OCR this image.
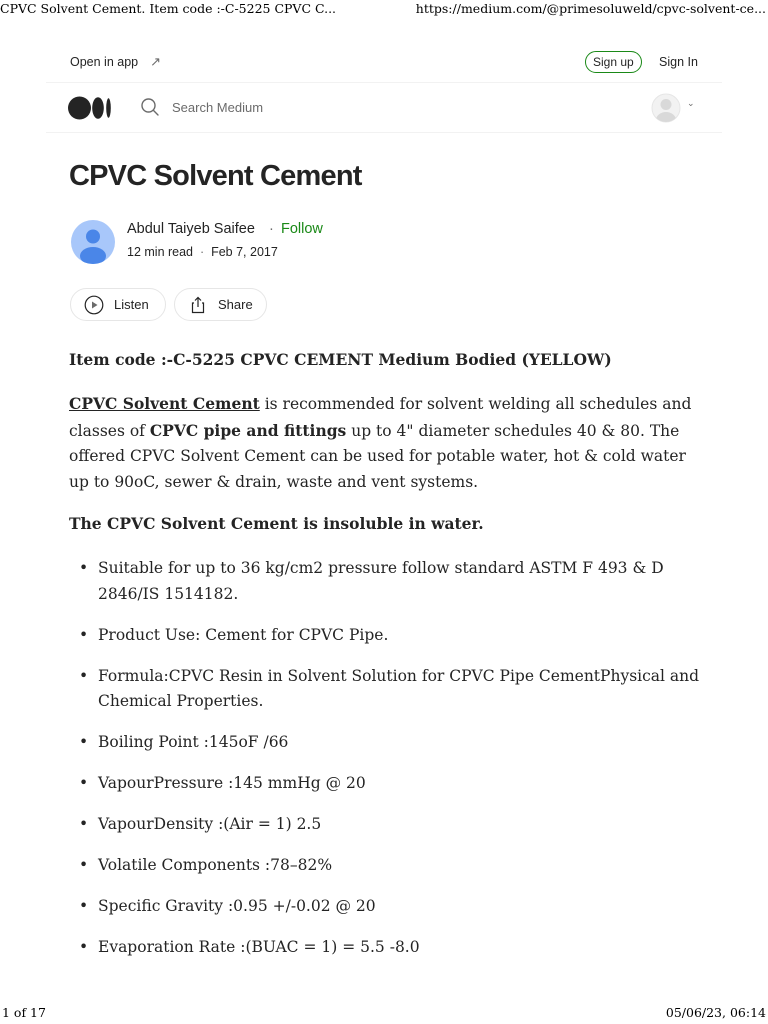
CPVC Solvent Cement. Item code :-C-5225 CPVC C...	https://medium.com/@primesoluweld/cpvc-solvent-ce...
Open in app ↗	Sign up	Sign In
Search Medium
⌄
CPVC Solvent Cement
Abdul Taiyeb Saifee · Follow
12 min read · Feb 7, 2017
Listen	Share

Item code :-C-5225 CPVC CEMENT Medium Bodied (YELLOW)

CPVC Solvent Cement is recommended for solvent welding all schedules and classes of CPVC pipe and fittings up to 4" diameter schedules 40 & 80. The offered CPVC Solvent Cement can be used for potable water, hot & cold water up to 90oC, sewer & drain, waste and vent systems.

The CPVC Solvent Cement is insoluble in water.

• Suitable for up to 36 kg/cm2 pressure follow standard ASTM F 493 & D 2846/IS 1514182.
• Product Use: Cement for CPVC Pipe.
• Formula:CPVC Resin in Solvent Solution for CPVC Pipe CementPhysical and Chemical Properties.
• Boiling Point :145oF /66
• VapourPressure :145 mmHg @ 20
• VapourDensity :(Air = 1) 2.5
• Volatile Components :78–82%
• Specific Gravity :0.95 +/-0.02 @ 20
• Evaporation Rate :(BUAC = 1) = 5.5 -8.0
1 of 17	05/06/23, 06:14
